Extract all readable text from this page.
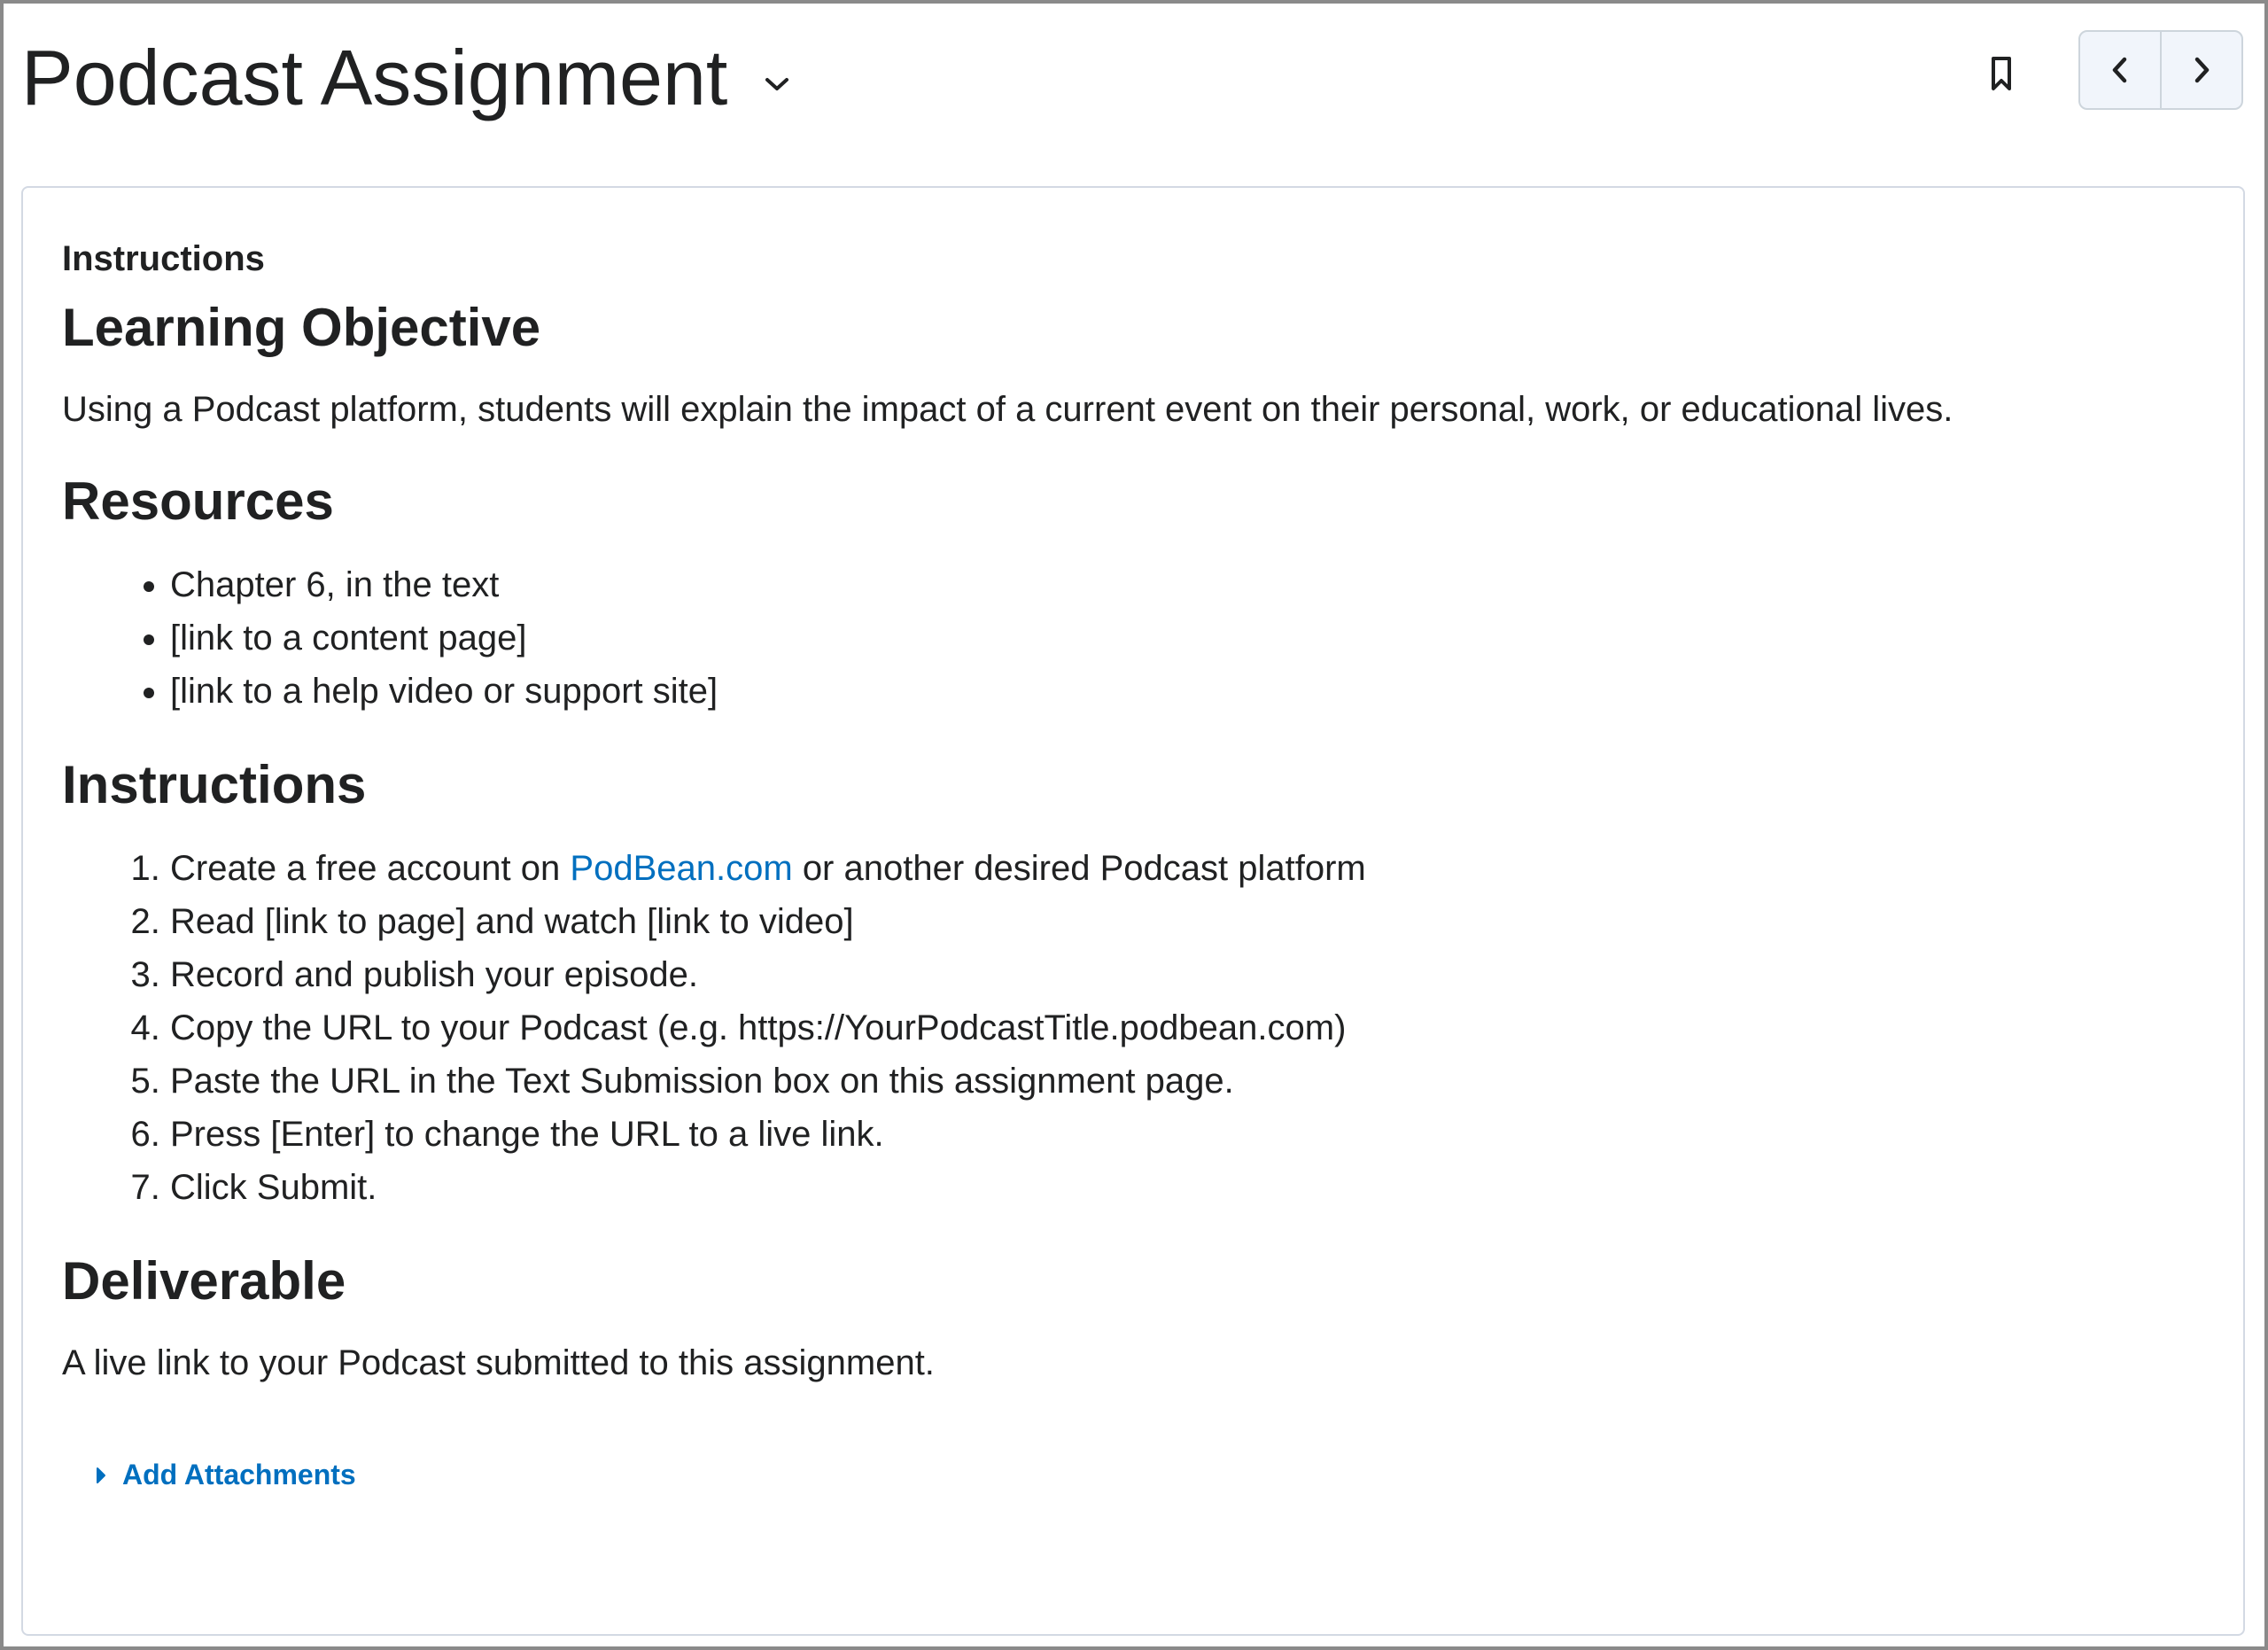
Podcast Assignment
Instructions
Learning Objective

Using a Podcast platform, students will explain the impact of a current event on their personal, work, or educational lives.

Resources
• Chapter 6, in the text
• [link to a content page]
• [link to a help video or support site]
Instructions
1. Create a free account on PodBean.com or another desired Podcast platform
2. Read [link to page] and watch [link to video]
3. Record and publish your episode.
4. Copy the URL to your Podcast (e.g. https://YourPodcastTitle.podbean.com)
5. Paste the URL in the Text Submission box on this assignment page.
6. Press [Enter] to change the URL to a live link.
7. Click Submit.
Deliverable

A live link to your Podcast submitted to this assignment.

Add Attachments
